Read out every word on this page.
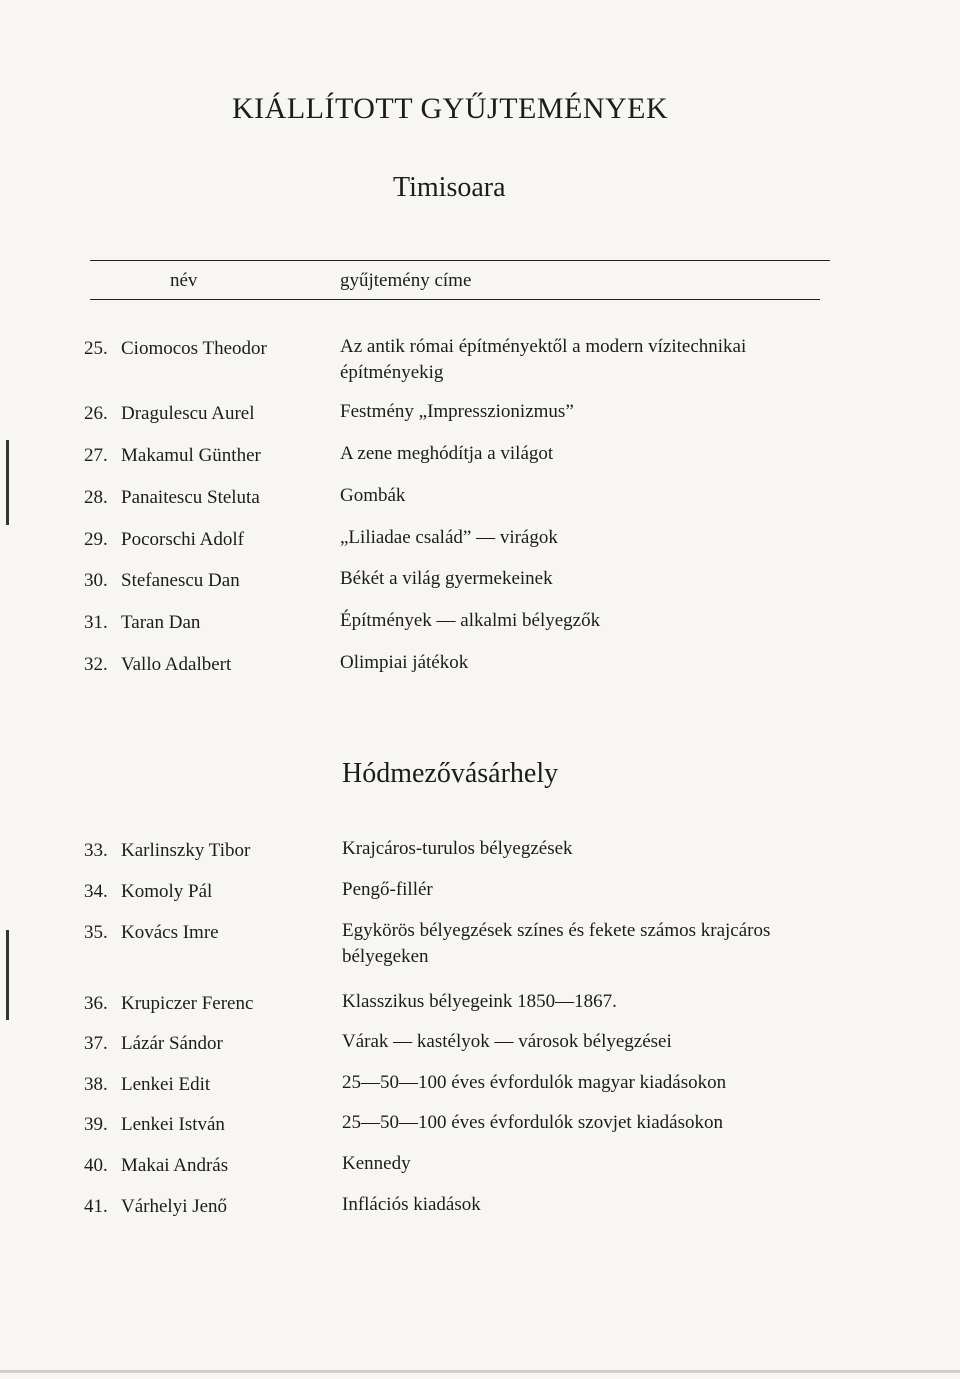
KIÁLLÍTOTT GYŰJTEMÉNYEK
Timisoara
név	gyűjtemény címe
25. Ciomocos Theodor	Az antik római építményektől a modern vízitechnikai építményekig
26. Dragulescu Aurel	Festmény „Impresszionizmus”
27. Makamul Günther	A zene meghódítja a világot
28. Panaitescu Steluta	Gombák
29. Pocorschi Adolf	„Liliadae család” — virágok
30. Stefanescu Dan	Békét a világ gyermekeinek
31. Taran Dan	Építmények — alkalmi bélyegzők
32. Vallo Adalbert	Olimpiai játékok
Hódmezővásárhely
33. Karlinszky Tibor	Krajcáros-turulos bélyegzések
34. Komoly Pál	Pengő-fillér
35. Kovács Imre	Egykörös bélyegzések színes és fekete számos krajcáros bélyegeken
36. Krupiczer Ferenc	Klasszikus bélyegeink 1850—1867.
37. Lázár Sándor	Várak — kastélyok — városok bélyegzései
38. Lenkei Edit	25—50—100 éves évfordulók magyar kiadásokon
39. Lenkei István	25—50—100 éves évfordulók szovjet kiadásokon
40. Makai András	Kennedy
41. Várhelyi Jenő	Inflációs kiadások
